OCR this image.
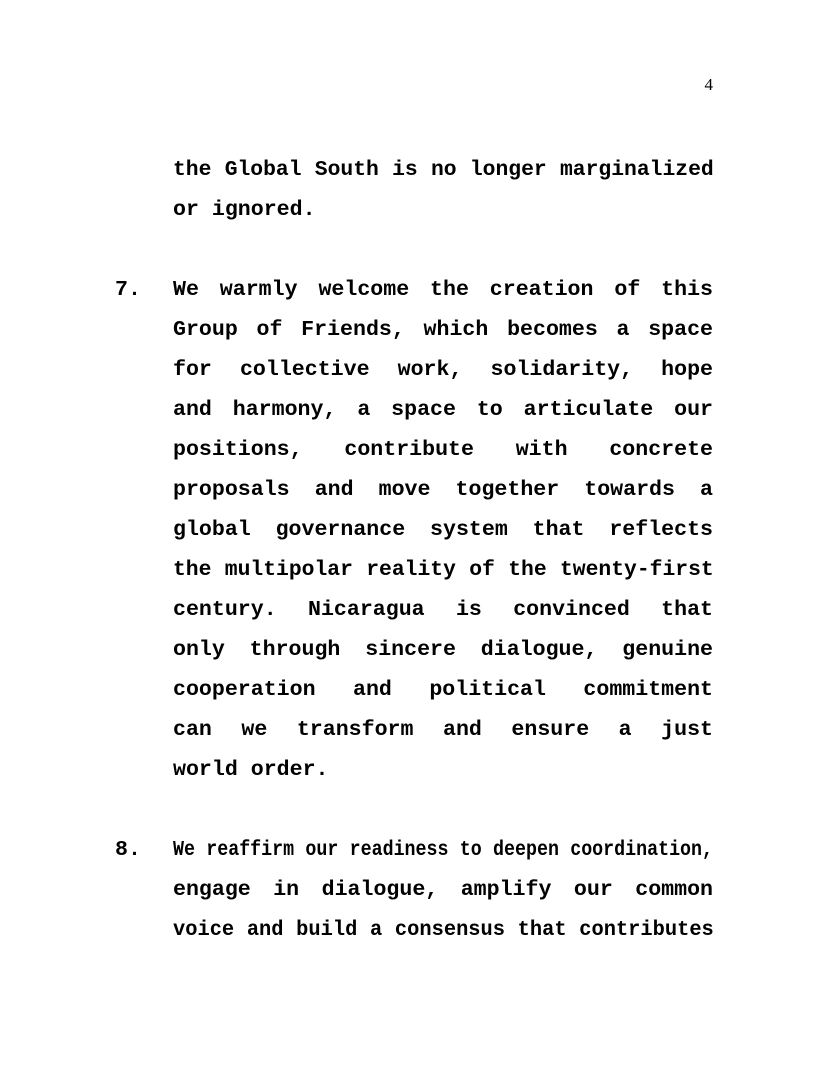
4
the Global South is no longer marginalized
or ignored.
7.	We warmly welcome the creation of this
Group of Friends, which becomes a space
for collective work, solidarity, hope
and harmony, a space to articulate our
positions, contribute with concrete
proposals and move together towards a
global governance system that reflects
the multipolar reality of the twenty-first
century. Nicaragua is convinced that
only through sincere dialogue, genuine
cooperation and political commitment
can we transform and ensure a just
world order.
8.	We reaffirm our readiness to deepen coordination,
engage in dialogue, amplify our common
voice and build a consensus that contributes
